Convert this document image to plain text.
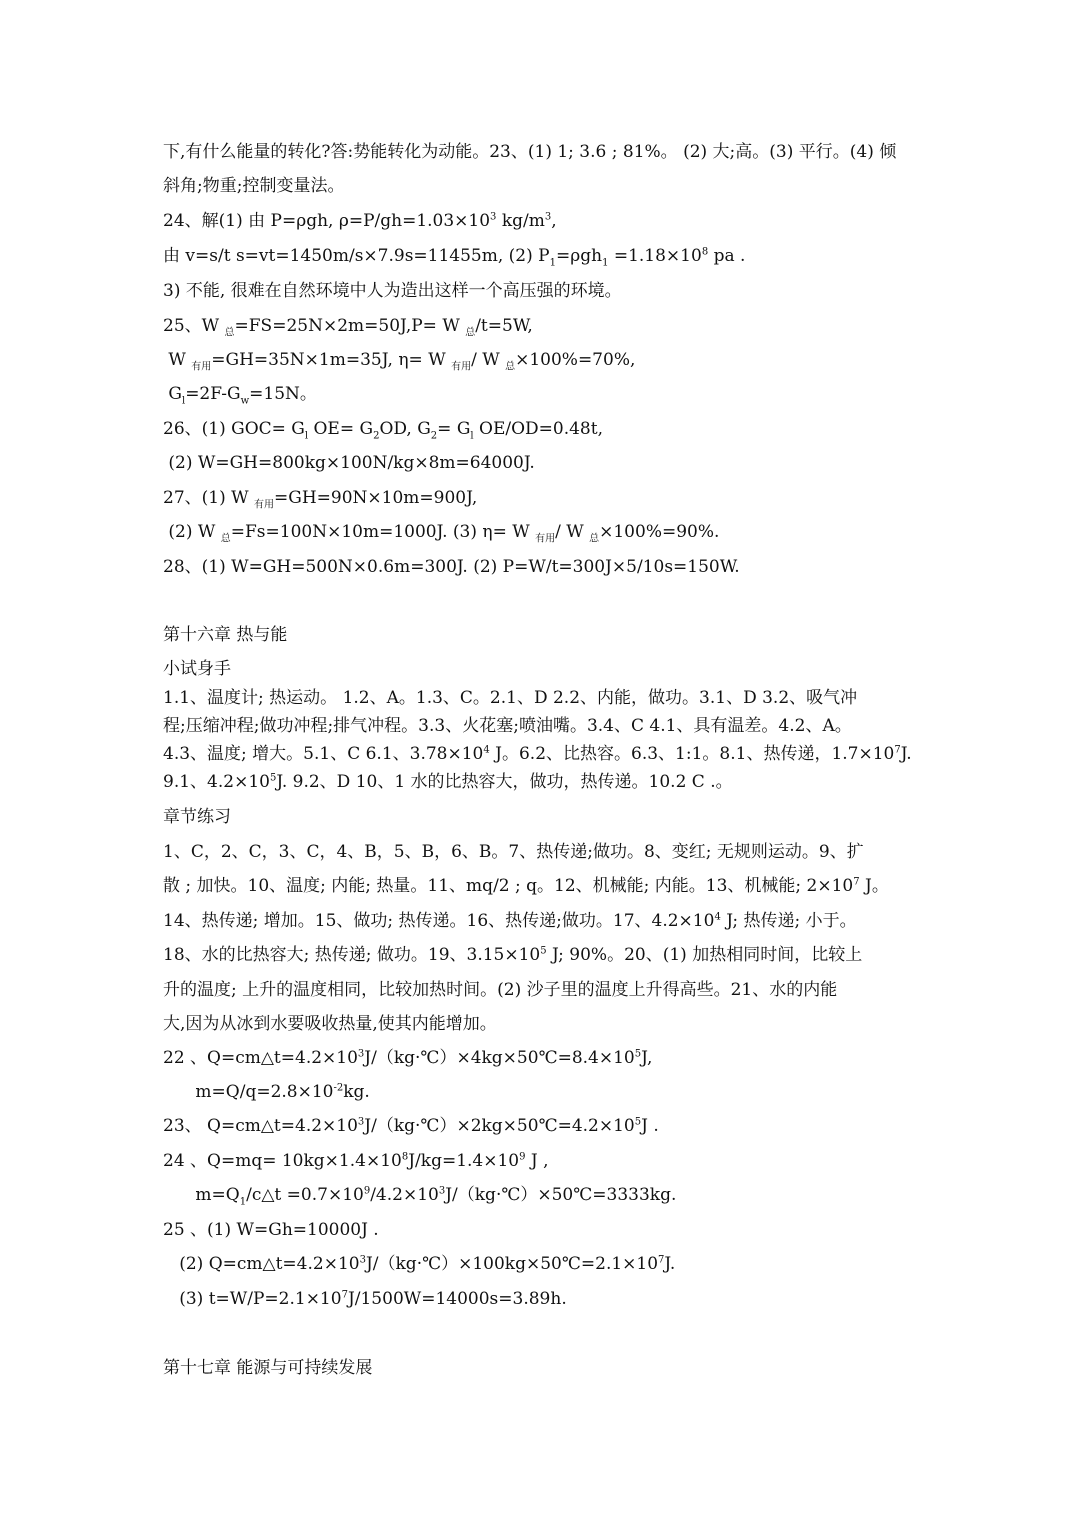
下,有什么能量的转化?答:势能转化为动能。23、(1) 1; 3.6 ; 81%。 (2) 大;高。(3) 平行。(4) 倾
斜角;物重;控制变量法。
24、解(1) 由 P=ρgh, $\rho=P/gh=1.03\times 10^3$ $kg/m^3$,
由 v=s/t s=vt=1450m/s×7.9s=11455m, (2) $P_1=\rho gh_1 =1.18\times 10^8$ pa .
3) 不能, 很难在自然环境中人为造出这样一个高压强的环境。
25、W $_总$=FS=25N×2m=50J,P= W $_总$/t=5W,
W $_{有用}$=GH=35N×1m=35J, η= W $_{有用}$/ W $_总$×100%=70%,
$G_l=2F-G_w=15N$。
26、(1) $GOC= G_l$ $OE= G_2OD$, $G_2= G_l$ OE/OD=0.48t,
(2) W=GH=800kg×100N/kg×8m=64000J.
27、(1) W $_{有用}$=GH=90N×10m=900J,
(2) W $_总$=Fs=100N×10m=1000J. (3) η= W $_{有用}$/ W $_总$×100%=90%.
28、(1) W=GH=500N×0.6m=300J. (2) P=W/t=300J×5/10s=150W.
第十六章 热与能
小试身手
1.1、温度计; 热运动。 1.2、A。1.3、C。2.1、D 2.2、内能，做功。3.1、D 3.2、吸气冲
程;压缩冲程;做功冲程;排气冲程。3.3、火花塞;喷油嘴。3.4、C 4.1、具有温差。4.2、A。
4.3、温度; 增大。5.1、C 6.1、$3.78\times 10^4$ J。6.2、比热容。6.3、1:1。8.1、热传递，$1.7\times 10^7J$.
9.1、$4.2\times 10^5J$. 9.2、D 10、1 水的比热容大，做功，热传递。10.2 C .。
章节练习
1、C，2、C，3、C，4、B，5、B，6、B。7、热传递;做功。8、变红; 无规则运动。9、扩
散 ; 加快。10、温度; 内能; 热量。11、mq/2 ; q。12、机械能; 内能。13、机械能; $2\times 10^7$ J。
14、热传递; 增加。15、做功; 热传递。16、热传递;做功。17、$4.2\times 10^4$ J; 热传递; 小于。
18、水的比热容大; 热传递; 做功。19、$3.15\times 10^5$ J; 90%。20、(1) 加热相同时间，比较上
升的温度; 上升的温度相同，比较加热时间。(2) 沙子里的温度上升得高些。21、水的内能
大,因为从冰到水要吸收热量,使其内能增加。
22 、$Q=cm\triangle t=4.2\times 10^3J/(kg\cdot℃)\times 4kg\times 50℃=8.4\times 10^5J$,
$m=Q/q=2.8\times 10^{-2}kg$.
23、 $Q=cm\triangle t=4.2\times 10^3J/(kg\cdot℃)\times 2kg\times 50℃=4.2\times 10^5J$ .
24 、$Q=mq= 10kg\times 1.4\times 10^8J/kg=1.4\times 10^9$ J ,
$m=Q_1/c\triangle t$ $=0.7\times 10^9/4.2\times 10^3J/(kg\cdot℃)\times 50℃=3333kg$.
25 、(1) W=Gh=10000J .
(2) $Q=cm\triangle t=4.2\times 10^3J/(kg\cdot℃)\times 100kg\times 50℃=2.1\times 10^7J$.
(3) $t=W/P=2.1\times 10^7J/1500W=14000s=3.89h$.
第十七章 能源与可持续发展
